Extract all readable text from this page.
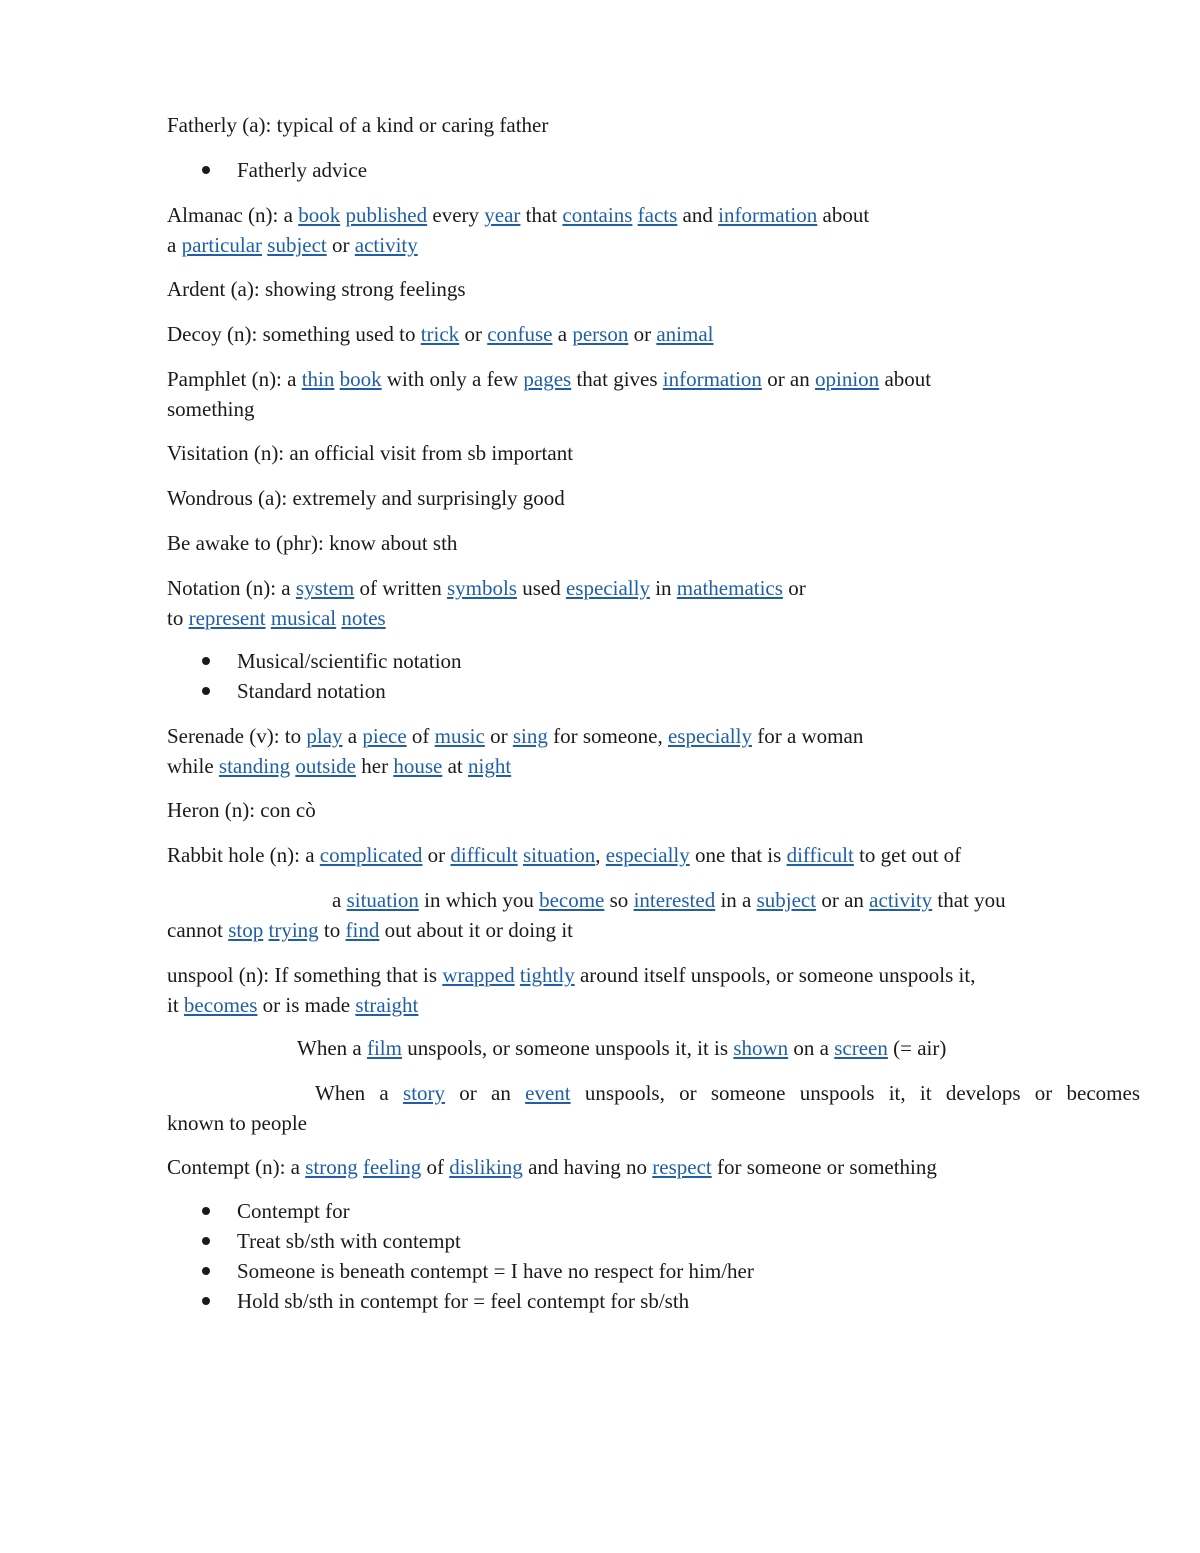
Fatherly (a): typical of a kind or caring father
Fatherly advice
Almanac (n): a book published every year that contains facts and information about
a particular subject or activity
Ardent (a): showing strong feelings
Decoy (n): something used to trick or confuse a person or animal
Pamphlet (n): a thin book with only a few pages that gives information or an opinion about
something
Visitation (n): an official visit from sb important
Wondrous (a): extremely and surprisingly good
Be awake to (phr): know about sth
Notation (n): a system of written symbols used especially in mathematics or
to represent musical notes
Musical/scientific notation
Standard notation
Serenade (v): to play a piece of music or sing for someone, especially for a woman
while standing outside her house at night
Heron (n): con cò
Rabbit hole (n): a complicated or difficult situation, especially one that is difficult to get out of
a situation in which you become so interested in a subject or an activity that you
cannot stop trying to find out about it or doing it
unspool (n): If something that is wrapped tightly around itself unspools, or someone unspools it,
it becomes or is made straight
When a film unspools, or someone unspools it, it is shown on a screen (= air)
When a story or an event unspools, or someone unspools it, it develops or becomes
known to people
Contempt (n): a strong feeling of disliking and having no respect for someone or something
Contempt for
Treat sb/sth with contempt
Someone is beneath contempt = I have no respect for him/her
Hold sb/sth in contempt for = feel contempt for sb/sth
